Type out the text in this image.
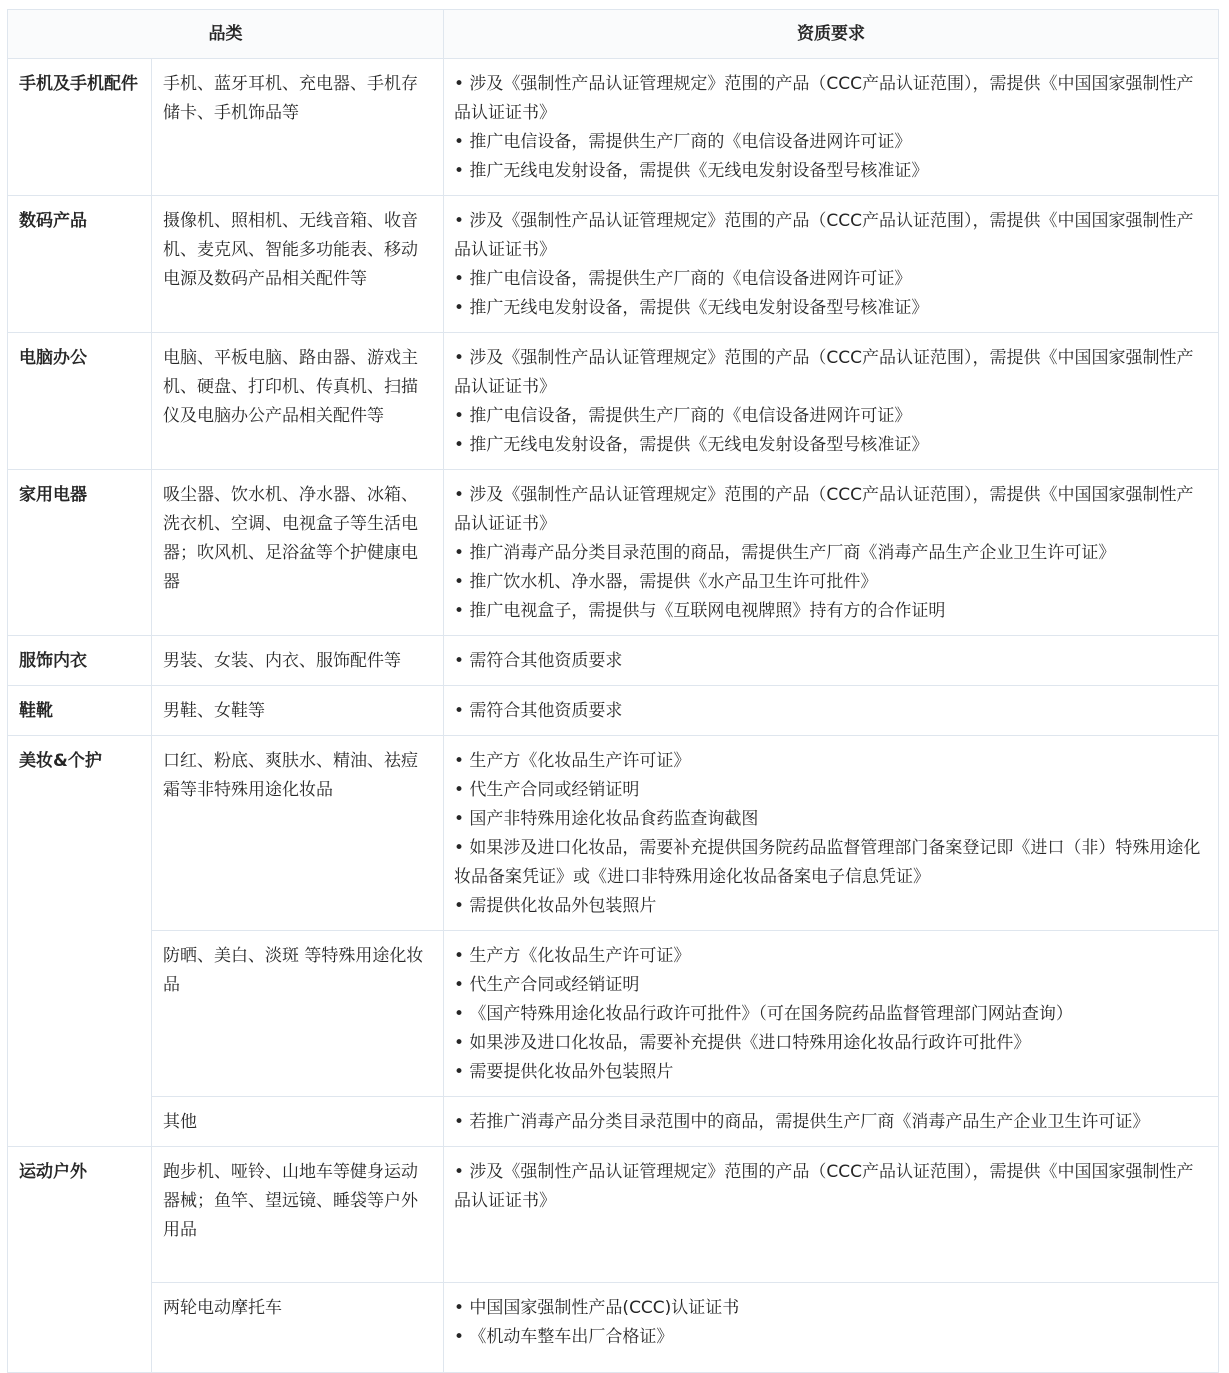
品类		资质要求

手机及手机配件	手机、蓝牙耳机、充电器、手机存储卡、手机饰品等	• 涉及《强制性产品认证管理规定》范围的产品（CCC产品认证范围），需提供《中国国家强制性产品认证证书》
• 推广电信设备，需提供生产厂商的《电信设备进网许可证》
• 推广无线电发射设备，需提供《无线电发射设备型号核准证》

数码产品	摄像机、照相机、无线音箱、收音机、麦克风、智能多功能表、移动电源及数码产品相关配件等	• 涉及《强制性产品认证管理规定》范围的产品（CCC产品认证范围），需提供《中国国家强制性产品认证证书》
• 推广电信设备，需提供生产厂商的《电信设备进网许可证》
• 推广无线电发射设备，需提供《无线电发射设备型号核准证》

电脑办公	电脑、平板电脑、路由器、游戏主机、硬盘、打印机、传真机、扫描仪及电脑办公产品相关配件等	• 涉及《强制性产品认证管理规定》范围的产品（CCC产品认证范围），需提供《中国国家强制性产品认证证书》
• 推广电信设备，需提供生产厂商的《电信设备进网许可证》
• 推广无线电发射设备，需提供《无线电发射设备型号核准证》

家用电器	吸尘器、饮水机、净水器、冰箱、洗衣机、空调、电视盒子等生活电器；吹风机、足浴盆等个护健康电器	• 涉及《强制性产品认证管理规定》范围的产品（CCC产品认证范围），需提供《中国国家强制性产品认证证书》
• 推广消毒产品分类目录范围的商品，需提供生产厂商《消毒产品生产企业卫生许可证》
• 推广饮水机、净水器，需提供《水产品卫生许可批件》
• 推广电视盒子，需提供与《互联网电视牌照》持有方的合作证明

服饰内衣	男装、女装、内衣、服饰配件等	• 需符合其他资质要求

鞋靴	男鞋、女鞋等	• 需符合其他资质要求

美妆&个护	口红、粉底、爽肤水、精油、祛痘霜等非特殊用途化妆品	• 生产方《化妆品生产许可证》
• 代生产合同或经销证明
• 国产非特殊用途化妆品食药监查询截图
• 如果涉及进口化妆品，需要补充提供国务院药品监督管理部门备案登记即《进口（非）特殊用途化妆品备案凭证》或《进口非特殊用途化妆品备案电子信息凭证》
• 需提供化妆品外包装照片

	防晒、美白、淡斑 等特殊用途化妆品	• 生产方《化妆品生产许可证》
• 代生产合同或经销证明
• 《国产特殊用途化妆品行政许可批件》（可在国务院药品监督管理部门网站查询）
• 如果涉及进口化妆品，需要补充提供《进口特殊用途化妆品行政许可批件》
• 需要提供化妆品外包装照片

	其他	• 若推广消毒产品分类目录范围中的商品，需提供生产厂商《消毒产品生产企业卫生许可证》

运动户外	跑步机、哑铃、山地车等健身运动器械；鱼竿、望远镜、睡袋等户外用品	• 涉及《强制性产品认证管理规定》范围的产品（CCC产品认证范围），需提供《中国国家强制性产品认证证书》

	两轮电动摩托车	• 中国国家强制性产品(CCC)认证证书
• 《机动车整车出厂合格证》
